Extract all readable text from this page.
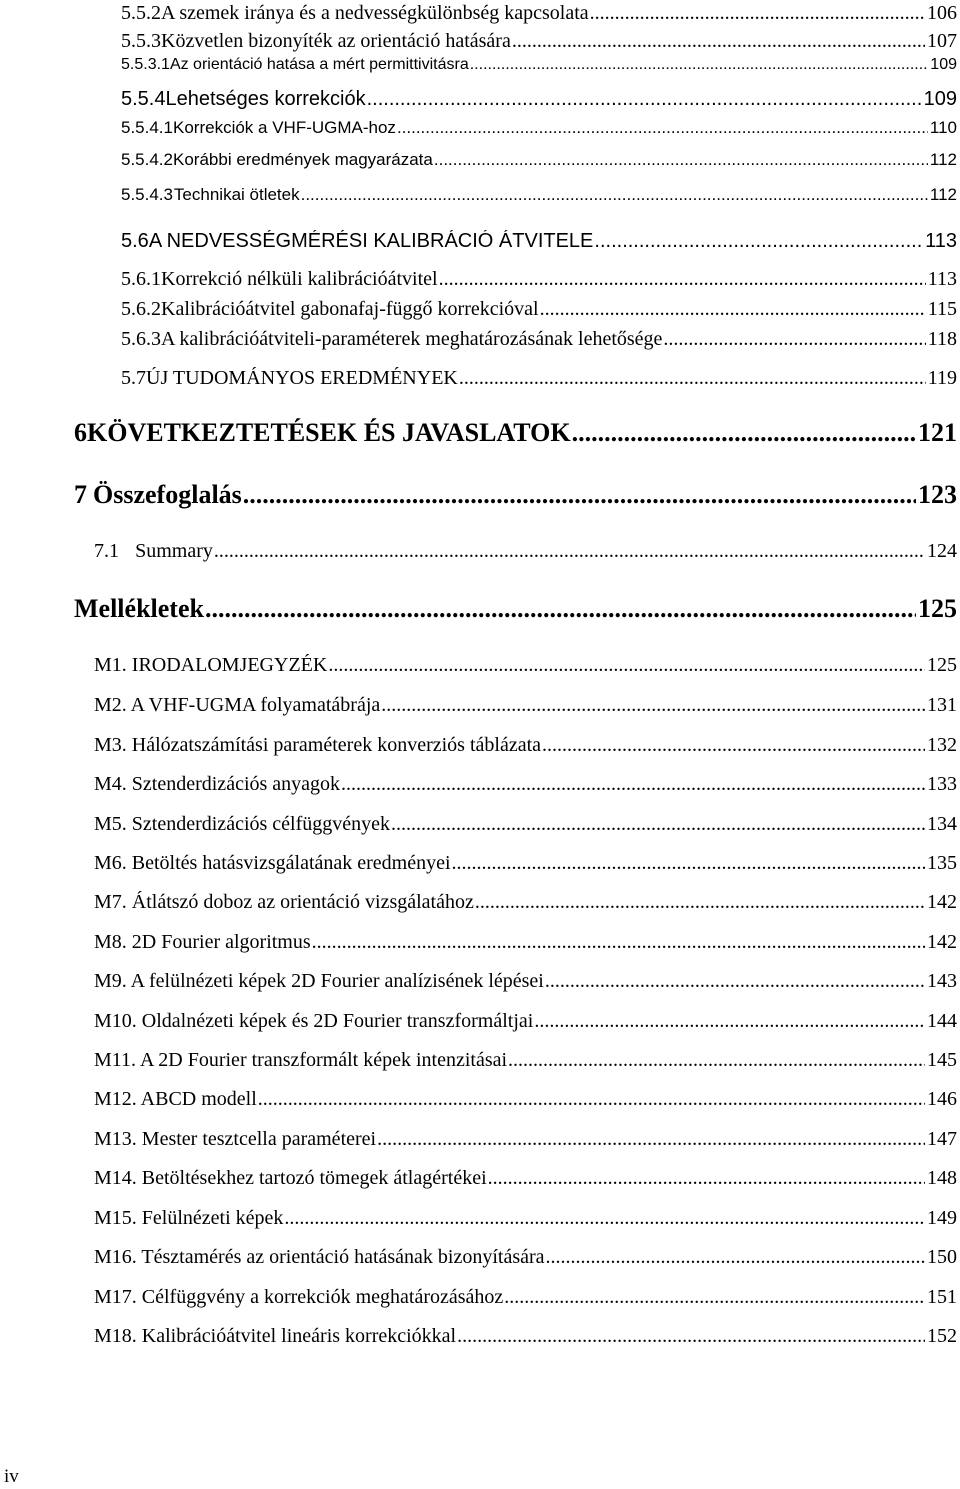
5.5.2 A szemek iránya és a nedvességkülönbség kapcsolata .....	106
5.5.3 Közvetlen bizonyíték az orientáció hatására .....	107
5.5.3.1 Az orientáció hatása a mért permittivitásra .....	109
5.5.4 Lehetséges korrekciók .....	109
5.5.4.1 Korrekciók a VHF-UGMA-hoz .....	110
5.5.4.2 Korábbi eredmények magyarázata .....	112
5.5.4.3 Technikai ötletek .....	112
5.6 A NEDVESSÉGMÉRÉSI KALIBRÁCIÓ ÁTVITELE .....	113
5.6.1 Korrekció nélküli kalibrációátvitel .....	113
5.6.2 Kalibrációátvitel gabonafaj-függő korrekcióval .....	115
5.6.3 A kalibrációátviteli-paraméterek meghatározásának lehetősége .....	118
5.7 ÚJ TUDOMÁNYOS EREDMÉNYEK .....	119
6 KÖVETKEZTETÉSEK ÉS JAVASLATOK .....	121
7 Összefoglalás .....	123
7.1 Summary .....	124
Mellékletek .....	125
M1. IRODALOMJEGYZÉK .....	125
M2. A VHF-UGMA folyamatábrája .....	131
M3. Hálózatszámítási paraméterek konverziós táblázata .....	132
M4. Sztenderdizációs anyagok .....	133
M5. Sztenderdizációs célfüggvények .....	134
M6. Betöltés hatásvizsgálatának eredményei .....	135
M7. Átlátszó doboz az orientáció vizsgálatához .....	142
M8. 2D Fourier algoritmus .....	142
M9. A felülnézeti képek 2D Fourier analízisének lépései .....	143
M10. Oldalnézeti képek és 2D Fourier transzformáltjai .....	144
M11. A 2D Fourier transzformált képek intenzitásai .....	145
M12. ABCD modell .....	146
M13. Mester tesztcella paraméterei .....	147
M14. Betöltésekhez tartozó tömegek átlagértékei .....	148
M15. Felülnézeti képek .....	149
M16. Tésztamérés az orientáció hatásának bizonyítására .....	150
M17. Célfüggvény a korrekciók meghatározásához .....	151
M18. Kalibrációátvitel lineáris korrekciókkal .....	152
iv
